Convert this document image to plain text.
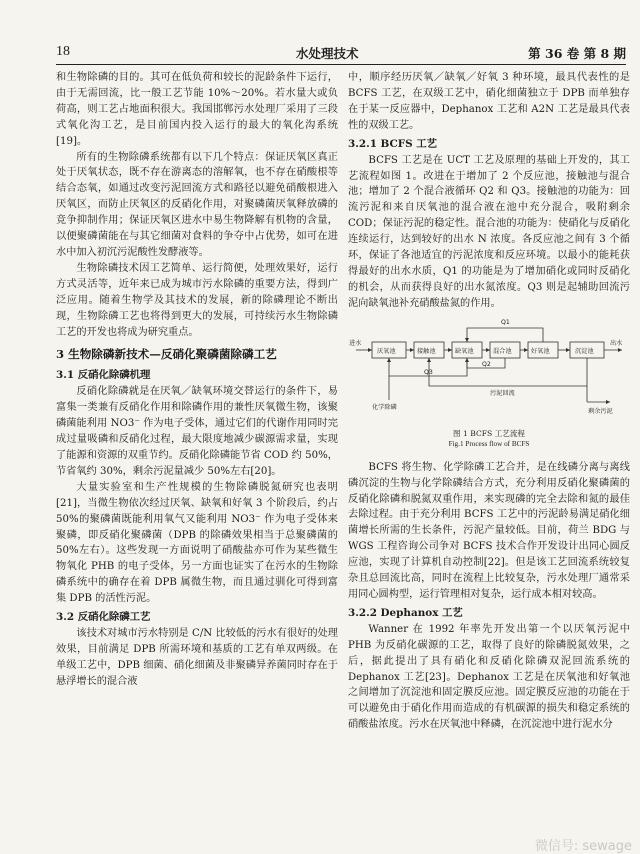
18	水处理技术	第 36 卷 第 8 期

和生物除磷的目的。其可在低负荷和较长的泥龄条件下运行，由于无需回流，比一般工艺节能 10%～20%。若水量大或负荷高，则工艺占地面积很大。我国邯郸污水处理厂采用了三段式氧化沟工艺，是目前国内投入运行的最大的氧化沟系统[19]。

所有的生物除磷系统都有以下几个特点：保证厌氧区真正处于厌氧状态，既不存在游离态的溶解氧，也不存在硝酸根等结合态氧，如通过改变污泥回流方式和路径以避免硝酸根进入厌氧区，而防止厌氧区的反硝化作用，对聚磷菌厌氧释放磷的竞争抑制作用；保证厌氧区进水中易生物降解有机物的含量，以便聚磷菌能在与其它细菌对食料的争夺中占优势，如可在进水中加入初沉污泥酸性发酵液等。

生物除磷技术因工艺简单、运行简便，处理效果好，运行方式灵活等，近年来已成为城市污水除磷的重要方法，得到广泛应用。随着生物学及其技术的发展，新的除磷理论不断出现，生物除磷工艺也将得到更大的发展，可持续污水生物除磷工艺的开发也将成为研究重点。

3 生物除磷新技术—反硝化聚磷菌除磷工艺
3.1 反硝化除磷机理

反硝化除磷就是在厌氧／缺氧环境交替运行的条件下，易富集一类兼有反硝化作用和除磷作用的兼性厌氧微生物，该聚磷菌能利用 NO3⁻ 作为电子受体，通过它们的代谢作用同时完成过量吸磷和反硝化过程，最大限度地减少碳源需求量，实现了能源和资源的双重节约。反硝化除磷能节省 COD 约 50%，节省氧约 30%，剩余污泥量减少 50%左右[20]。

大量实验室和生产性规模的生物除磷脱氮研究也表明[21]，当微生物依次经过厌氧、缺氧和好氧 3 个阶段后，约占 50%的聚磷菌既能利用氧气又能利用 NO3⁻ 作为电子受体来聚磷，即反硝化聚磷菌（DPB 的除磷效果相当于总聚磷菌的 50%左右）。这些发现一方面说明了硝酸盐亦可作为某些微生物氧化 PHB 的电子受体，另一方面也证实了在污水的生物除磷系统中的确存在着 DPB 属微生物，而且通过驯化可得到富集 DPB 的活性污泥。

3.2 反硝化除磷工艺

该技术对城市污水特别是 C/N 比较低的污水有很好的处理效果，目前满足 DPB 所需环境和基质的工艺有单双两级。在单级工艺中，DPB 细菌、硝化细菌及非聚磷异养菌同时存在于悬浮增长的混合液

中，顺序经历厌氧／缺氧／好氧 3 种环境，最具代表性的是 BCFS 工艺，在双级工艺中，硝化细菌独立于 DPB 而单独存在于某一反应器中，Dephanox 工艺和 A2N 工艺是最具代表性的双级工艺。

3.2.1 BCFS 工艺

BCFS 工艺是在 UCT 工艺及原理的基础上开发的，其工艺流程如图 1。改进在于增加了 2 个反应池，接触池与混合池；增加了 2 个混合液循环 Q2 和 Q3。接触池的功能为：回流污泥和来自厌氧池的混合液在池中充分混合，吸附剩余 COD；保证污泥的稳定性。混合池的功能为：使硝化与反硝化连续运行，达到较好的出水 N 浓度。各反应池之间有 3 个循环，保证了各池适宜的污泥浓度和反应环境。以最小的能耗获得最好的出水水质，Q1 的功能是为了增加硝化或同时反硝化的机会，从而获得良好的出水氮浓度。Q3 则是起辅助回流污泥向缺氧池补充硝酸盐氮的作用。

进水
厌氧池	接触池	缺氧池	混合池	好氧池	沉淀池
出水
Q1
Q2
Q3
污泥回流
化学除磷
剩余污泥

图 1 BCFS 工艺流程

Fig.1 Process flow of BCFS

BCFS 将生物、化学除磷工艺合并，是在线磷分离与离线磷沉淀的生物与化学除磷结合方式，充分利用反硝化聚磷菌的反硝化除磷和脱氮双重作用，来实现磷的完全去除和氮的最佳去除过程。由于充分利用 BCFS 工艺中的污泥龄易满足硝化细菌增长所需的生长条件，污泥产量较低。目前，荷兰 BDG 与 WGS 工程咨询公司争对 BCFS 技术合作开发设计出同心圆反应池，实现了计算机自动控制[22]。但是该工艺回流系统较复杂且总回流比高，同时在流程上比较复杂，污水处理厂通常采用同心圆构型，运行管理相对复杂，运行成本相对较高。

3.2.2 Dephanox 工艺

Wanner 在 1992 年率先开发出第一个以厌氧污泥中 PHB 为反硝化碳源的工艺，取得了良好的除磷脱氮效果，之后，据此提出了具有硝化和反硝化除磷双泥回流系统的 Dephanox 工艺[23]。Dephanox 工艺是在厌氧池和好氧池之间增加了沉淀池和固定膜反应池。固定膜反应池的功能在于可以避免由于硝化作用而造成的有机碳源的损失和稳定系统的硝酸盐浓度。污水在厌氧池中释磷，在沉淀池中进行泥水分

微信号: sewage
